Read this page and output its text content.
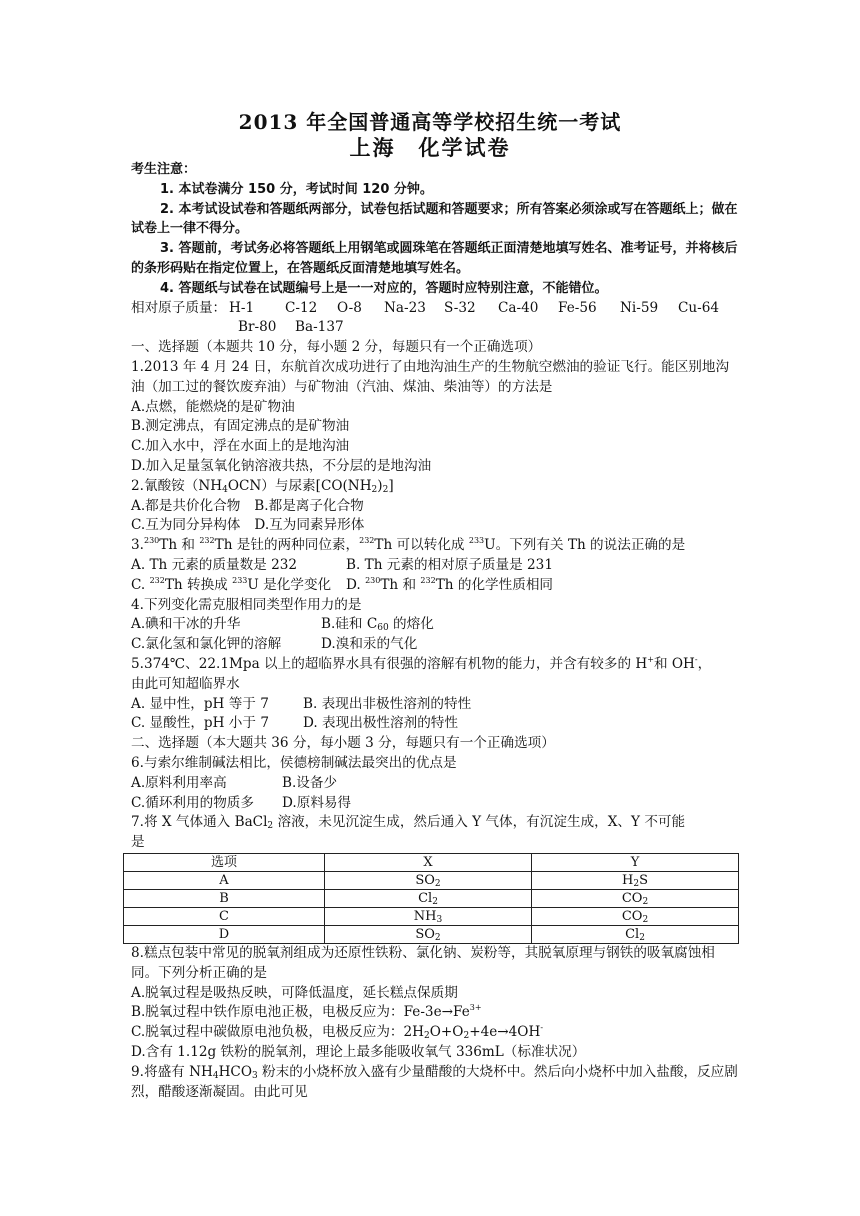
2013 年全国普通高等学校招生统一考试
上海　化学试卷
考生注意：
1. 本试卷满分 150 分，考试时间 120 分钟。
2. 本考试设试卷和答题纸两部分，试卷包括试题和答题要求；所有答案必须涂或写在答题纸上；做在试卷上一律不得分。
3. 答题前，考试务必将答题纸上用钢笔或圆珠笔在答题纸正面清楚地填写姓名、准考证号，并将核后的条形码贴在指定位置上，在答题纸反面清楚地填写姓名。
4. 答题纸与试卷在试题编号上是一一对应的，答题时应特别注意，不能错位。
相对原子质量： H-1	C-12	O-8	Na-23	S-32	Ca-40	Fe-56	Ni-59	Cu-64
Br-80	Ba-137
一、选择题（本题共 10 分，每小题 2 分，每题只有一个正确选项）
1.2013 年 4 月 24 日，东航首次成功进行了由地沟油生产的生物航空燃油的验证飞行。能区别地沟油（加工过的餐饮废弃油）与矿物油（汽油、煤油、柴油等）的方法是
A.点燃，能燃烧的是矿物油
B.测定沸点，有固定沸点的是矿物油
C.加入水中，浮在水面上的是地沟油
D.加入足量氢氧化钠溶液共热，不分层的是地沟油
2.氰酸铵$(NH_4OCN)$与尿素$[CO(NH_2)_2]$
A.都是共价化合物 B.都是离子化合物
C.互为同分异构体 D.互为同素异形体
3.$^{230}$Th 和 $^{232}$Th 是钍的两种同位素，$^{232}$Th 可以转化成 $^{233}$U。下列有关 Th 的说法正确的是
A. Th 元素的质量数是 232	B. Th 元素的相对原子质量是 231
C. $^{232}$Th 转换成 $^{233}$U 是化学变化 D. $^{230}$Th 和 $^{232}$Th 的化学性质相同
4.下列变化需克服相同类型作用力的是
A.碘和干冰的升华	B.硅和 $C_{60}$ 的熔化
C.氯化氢和氯化钾的溶解	D.溴和汞的气化
5.374℃、22.1Mpa 以上的超临界水具有很强的溶解有机物的能力，并含有较多的 H+和 OH-，
由此可知超临界水
A. 显中性，pH 等于 7	B. 表现出非极性溶剂的特性
C. 显酸性，pH 小于 7	D. 表现出极性溶剂的特性
二、选择题（本大题共 36 分，每小题 3 分，每题只有一个正确选项）
6.与索尔维制碱法相比，侯德榜制碱法最突出的优点是
A.原料利用率高	B.设备少
C.循环利用的物质多 D.原料易得
7.将 X 气体通入 BaCl$_2$ 溶液，未见沉淀生成，然后通入 Y 气体，有沉淀生成，X、Y 不可能
是
选项	X	Y
A	$SO_2$	$H_2S$
B	$Cl_2$	$CO_2$
C	$NH_3$	$CO_2$
D	$SO_2$	$Cl_2$
8.糕点包装中常见的脱氧剂组成为还原性铁粉、氯化钠、炭粉等，其脱氧原理与钢铁的吸氧腐蚀相同。下列分析正确的是
A.脱氧过程是吸热反映，可降低温度，延长糕点保质期
B.脱氧过程中铁作原电池正极，电极反应为：$Fe-3e\to Fe^{3+}$
C.脱氧过程中碳做原电池负极，电极反应为：$2H_2O+O_2+4e\to 4OH^-$
D.含有 1.12g 铁粉的脱氧剂，理论上最多能吸收氧气 336mL（标准状况）
9.将盛有 $NH_4HCO_3$ 粉末的小烧杯放入盛有少量醋酸的大烧杯中。然后向小烧杯中加入盐酸，反应剧烈，醋酸逐渐凝固。由此可见
